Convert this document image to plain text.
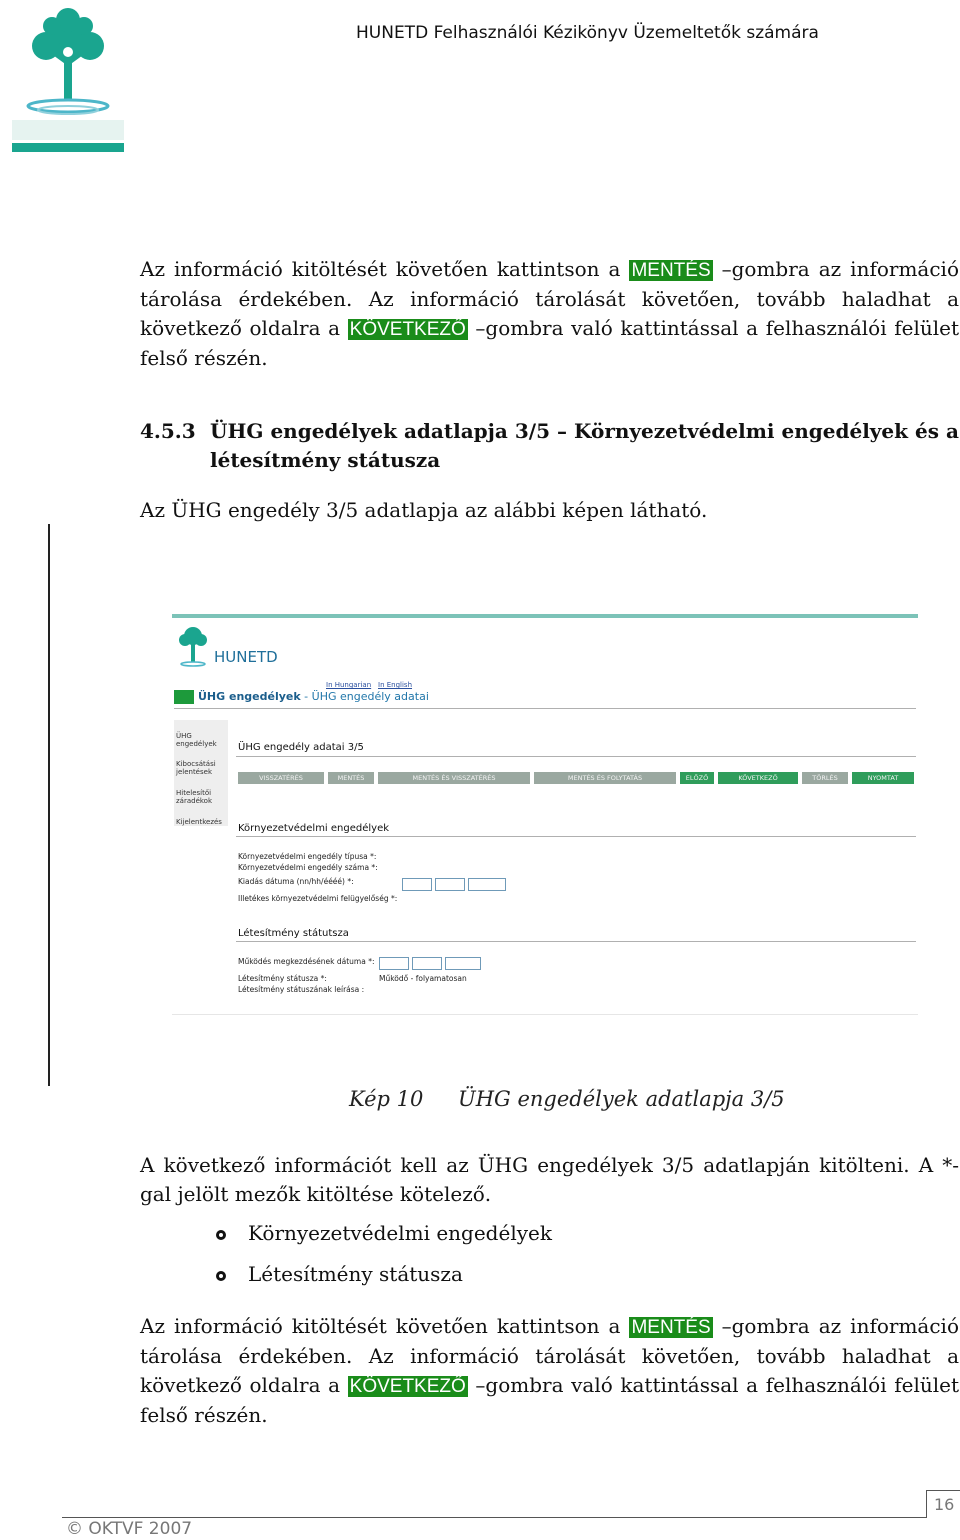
HUNETD Felhasználói Kézikönyv Üzemeltetők számára
Az információ kitöltését követően kattintson a MENTÉS –gombra az információ tárolása érdekében. Az információ tárolását követően, tovább haladhat a következő oldalra a KÖVETKEZŐ –gombra való kattintással a felhasználói felület felső részén.
4.5.3 ÜHG engedélyek adatlapja 3/5 – Környezetvédelmi engedélyek és a létesítmény státusza
Az ÜHG engedély 3/5 adatlapja az alábbi képen látható.
HUNETD
In Hungarian In English
ÜHG engedélyek - ÜHG engedély adatai
ÜHG engedélyek
Kibocsátási jelentések
Hitelesítői záradékok
Kijelentkezés
ÜHG engedély adatai 3/5
VISSZATÉRÉS	MENTÉS	MENTÉS ÉS VISSZATÉRÉS	MENTÉS ÉS FOLYTATÁS	ELŐZŐ	KÖVETKEZŐ	TÖRLÉS	NYOMTAT
Környezetvédelmi engedélyek
Környezetvédelmi engedély típusa *:
Környezetvédelmi engedély száma *:
Kiadás dátuma (nn/hh/éééé) *:
Illetékes környezetvédelmi felügyelőség *:
Létesítmény státutsza
Működés megkezdésének dátuma *:
Létesítmény státusza *:	Működő - folyamatosan
Létesítmény státuszának leírása :
Kép 10 ÜHG engedélyek adatlapja 3/5
A következő információt kell az ÜHG engedélyek 3/5 adatlapján kitölteni. A *-gal jelölt mezők kitöltése kötelező.
Környezetvédelmi engedélyek
Létesítmény státusza
Az információ kitöltését követően kattintson a MENTÉS –gombra az információ tárolása érdekében. Az információ tárolását követően, tovább haladhat a következő oldalra a KÖVETKEZŐ –gombra való kattintással a felhasználói felület felső részén.
16
© OKTVF 2007
